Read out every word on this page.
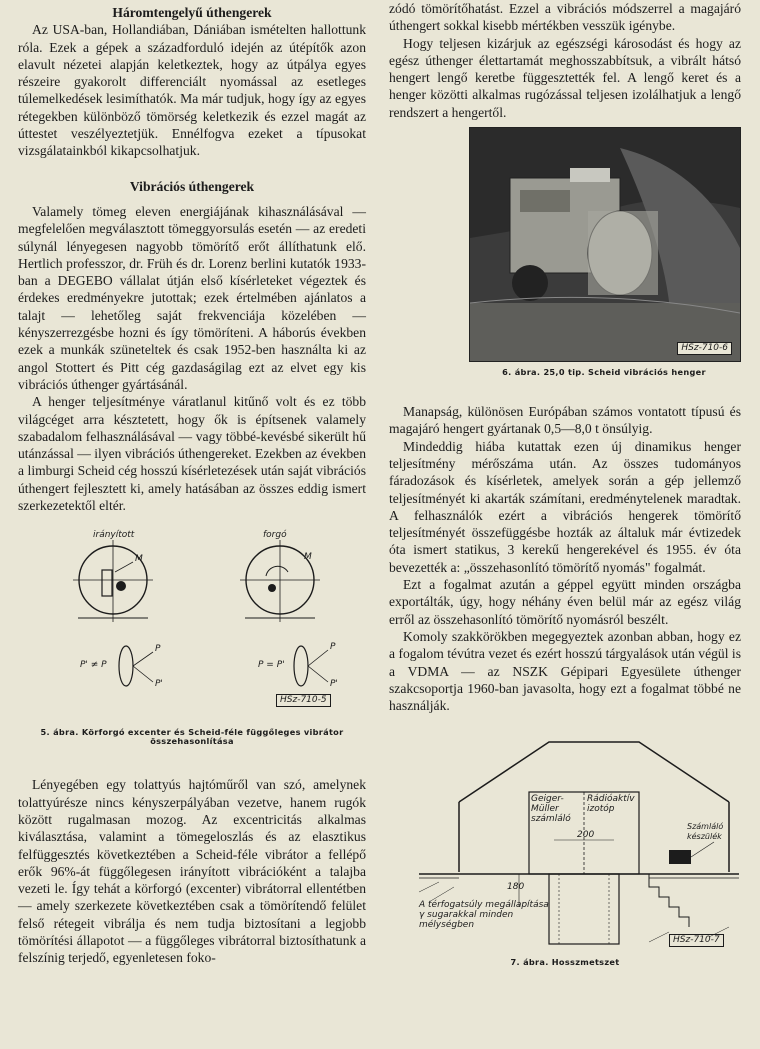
Háromtengelyű úthengerek

Az USA-ban, Hollandiában, Dániában ismételten hallottunk róla. Ezek a gépek a századforduló idején az útépítők azon elavult nézetei alapján keletkeztek, hogy az útpálya egyes részeire gyakorolt differenciált nyomással az esetleges túlemelkedések lesimíthatók. Ma már tudjuk, hogy így az egyes rétegekben különböző tömörség keletkezik és ezzel magát az úttestet veszélyeztetjük. Ennélfogva ezeket a típusokat vizsgálatainkból kikapcsolhatjuk.

Vibrációs úthengerek

Valamely tömeg eleven energiájának kihasználásával — megfelelően megválasztott tömeggyorsulás esetén — az eredeti súlynál lényegesen nagyobb tömörítő erőt állíthatunk elő. Hertlich professzor, dr. Früh és dr. Lorenz berlini kutatók 1933-ban a DEGEBO vállalat útján első kísérleteket végeztek és érdekes eredményekre jutottak; ezek értelmében ajánlatos a talajt — lehetőleg saját frekvenciája közelében — kényszerrezgésbe hozni és így tömöríteni. A háborús években ezek a munkák szüneteltek és csak 1952-ben használta ki az angol Stottert és Pitt cég gazdaságilag ezt az elvet egy kis vibrációs úthenger gyártásánál.

A henger teljesítménye váratlanul kitűnő volt és ez több világcéget arra késztetett, hogy ők is építsenek valamely szabadalom felhasználásával — vagy többé-kevésbé sikerült hű utánzással — ilyen vibrációs úthengereket. Ezekben az években a limburgi Scheid cég hosszú kísérletezések után saját vibrációs úthengert fejlesztett ki, amely hatásában az összes eddig ismert szerkezetektől eltér.

irányított	forgó
M	M
P
P'
P
P'
P' ≠ P	P = P'
HSz-710-5
5. ábra. Körforgó excenter és Scheid-féle függőleges vibrátor összehasonlítása

Lényegében egy tolattyús hajtóműről van szó, amelynek tolattyúrésze nincs kényszerpályában vezetve, hanem rugók között rugalmasan mozog. Az excentricitás alkalmas kiválasztása, valamint a tömegeloszlás és az elasztikus felfüggesztés következtében a Scheid-féle vibrátor a fellépő erők 96%-át függőlegesen irányított vibrációként a talajba vezeti le. Így tehát a körforgó (excenter) vibrátorral ellentétben — amely szerkezete következtében csak a tömörítendő felület felső rétegeit vibrálja és nem tudja biztosítani a legjobb tömörítési állapotot — a függőleges vibrátorral biztosíthatunk a felszínig terjedő, egyenletesen foko-

zódó tömörítőhatást. Ezzel a vibrációs módszerrel a magajáró úthengert sokkal kisebb mértékben vesszük igénybe.

Hogy teljesen kizárjuk az egészségi károsodást és hogy az egész úthenger élettartamát meghosszabbítsuk, a vibrált hátsó hengert lengő keretbe függesztették fel. A lengő keret és a henger közötti alkalmas rugózással teljesen izolálhatjuk a lengő rendszert a hengertől.

HSz-710-6
6. ábra. 25,0 tip. Scheid vibrációs henger

Manapság, különösen Európában számos vontatott típusú és magajáró hengert gyártanak 0,5—8,0 t önsúlyig.

Mindeddig hiába kutattak ezen új dinamikus henger teljesítmény mérőszáma után. Az összes tudományos fáradozások és kísérletek, amelyek során a gép jellemző teljesítményét ki akarták számítani, eredménytelenek maradtak. A felhasználók ezért a vibrációs hengerek tömörítő teljesítményét összefüggésbe hozták az általuk már évtizedek óta ismert statikus, 3 kerekű hengerekével és 1955. év óta bevezették a: „összehasonlító tömörítő nyomás" fogalmát.

Ezt a fogalmat azután a géppel együtt minden országba exportálták, úgy, hogy néhány éven belül már az egész világ erről az összehasonlító tömörítő nyomásról beszélt.

Komoly szakkörökben megegyeztek azonban abban, hogy ez a fogalom tévútra vezet és ezért hosszú tárgyalások után végül is a VDMA — az NSZK Gépipari Egyesülete úthenger szakcsoportja 1960-ban javasolta, hogy ezt a fogalmat többé ne használják.

Geiger-Müller számláló
Rádióaktív izotóp
Számláló készülék
200
180
A térfogatsúly megállapítása γ sugarakkal minden mélységben
HSz-710-7
7. ábra. Hosszmetszet
